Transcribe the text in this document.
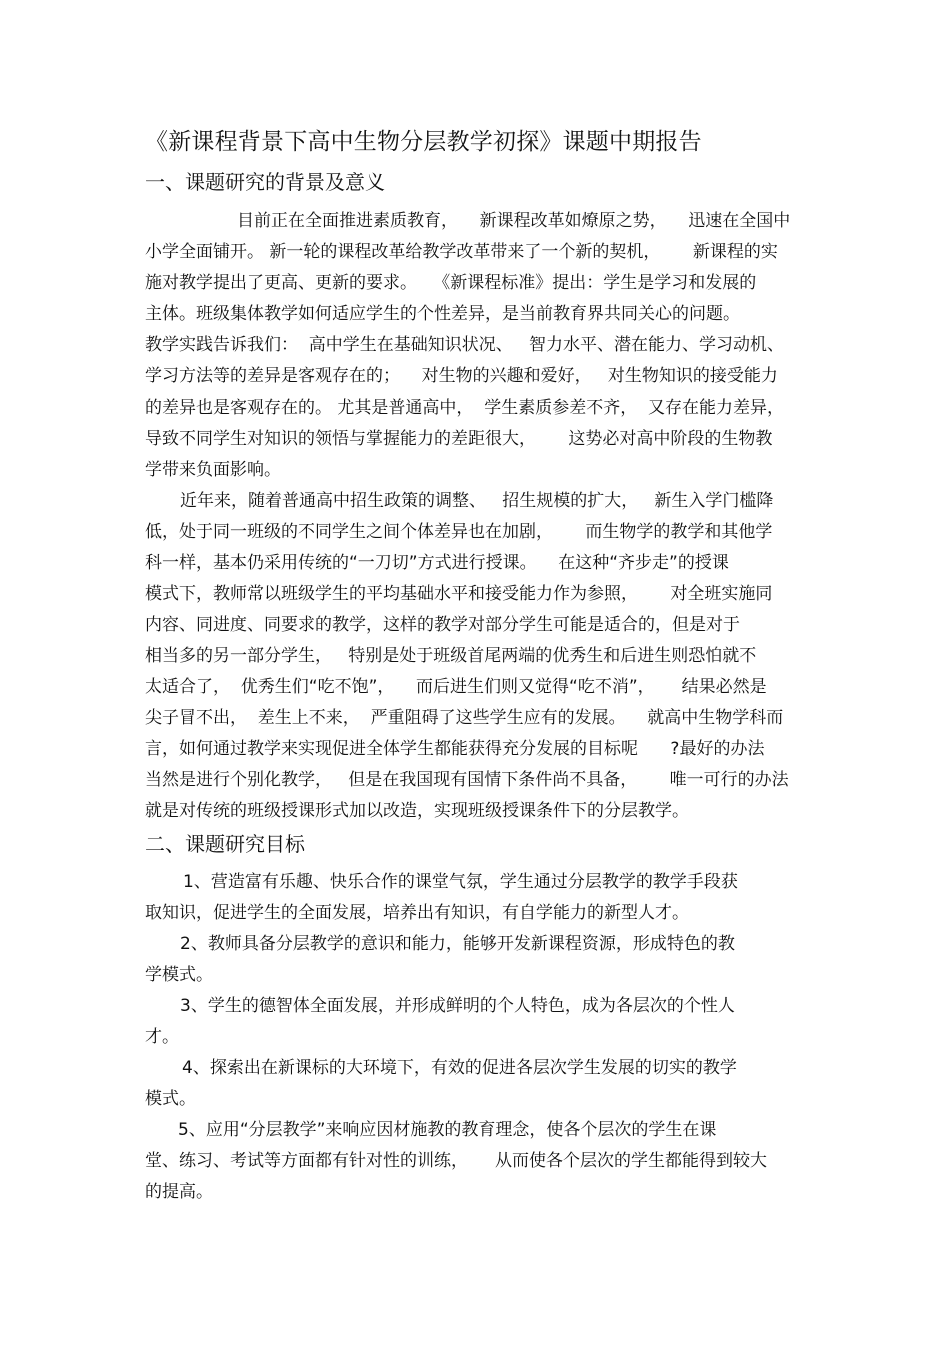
《新课程背景下高中生物分层教学初探》课题中期报告
一、课题研究的背景及意义
目前正在全面推进素质教育，    新课程改革如燎原之势，    迅速在全国中
小学全面铺开。 新一轮的课程改革给教学改革带来了一个新的契机，      新课程的实
施对教学提出了更高、更新的要求。   《新课程标准》提出：学生是学习和发展的
主体。班级集体教学如何适应学生的个性差异，是当前教育界共同关心的问题。
教学实践告诉我们：  高中学生在基础知识状况、   智力水平、潜在能力、学习动机、
学习方法等的差异是客观存在的；    对生物的兴趣和爱好，   对生物知识的接受能力
的差异也是客观存在的。 尤其是普通高中，  学生素质参差不齐，  又存在能力差异，
导致不同学生对知识的领悟与掌握能力的差距很大，      这势必对高中阶段的生物教
学带来负面影响。
近年来，随着普通高中招生政策的调整、   招生规模的扩大，   新生入学门槛降
低，处于同一班级的不同学生之间个体差异也在加剧，      而生物学的教学和其他学
科一样，基本仍采用传统的“一刀切”方式进行授课。    在这种“齐步走”的授课
模式下，教师常以班级学生的平均基础水平和接受能力作为参照，      对全班实施同
内容、同进度、同要求的教学，这样的教学对部分学生可能是适合的，但是对于
相当多的另一部分学生，   特别是处于班级首尾两端的优秀生和后进生则恐怕就不
太适合了，  优秀生们“吃不饱”，    而后进生们则又觉得“吃不消”，     结果必然是
尖子冒不出，  差生上不来，  严重阻碍了这些学生应有的发展。    就高中生物学科而
言，如何通过教学来实现促进全体学生都能获得充分发展的目标呢      ?最好的办法
当然是进行个别化教学，   但是在我国现有国情下条件尚不具备，      唯一可行的办法
就是对传统的班级授课形式加以改造，实现班级授课条件下的分层教学。
二、课题研究目标
1、营造富有乐趣、快乐合作的课堂气氛，学生通过分层教学的教学手段获
取知识，促进学生的全面发展，培养出有知识，有自学能力的新型人才。
2、教师具备分层教学的意识和能力，能够开发新课程资源，形成特色的教
学模式。
3、学生的德智体全面发展，并形成鲜明的个人特色，成为各层次的个性人
才。
4、探索出在新课标的大环境下，有效的促进各层次学生发展的切实的教学
模式。
5、应用“分层教学”来响应因材施教的教育理念，使各个层次的学生在课
堂、练习、考试等方面都有针对性的训练，     从而使各个层次的学生都能得到较大
的提高。
